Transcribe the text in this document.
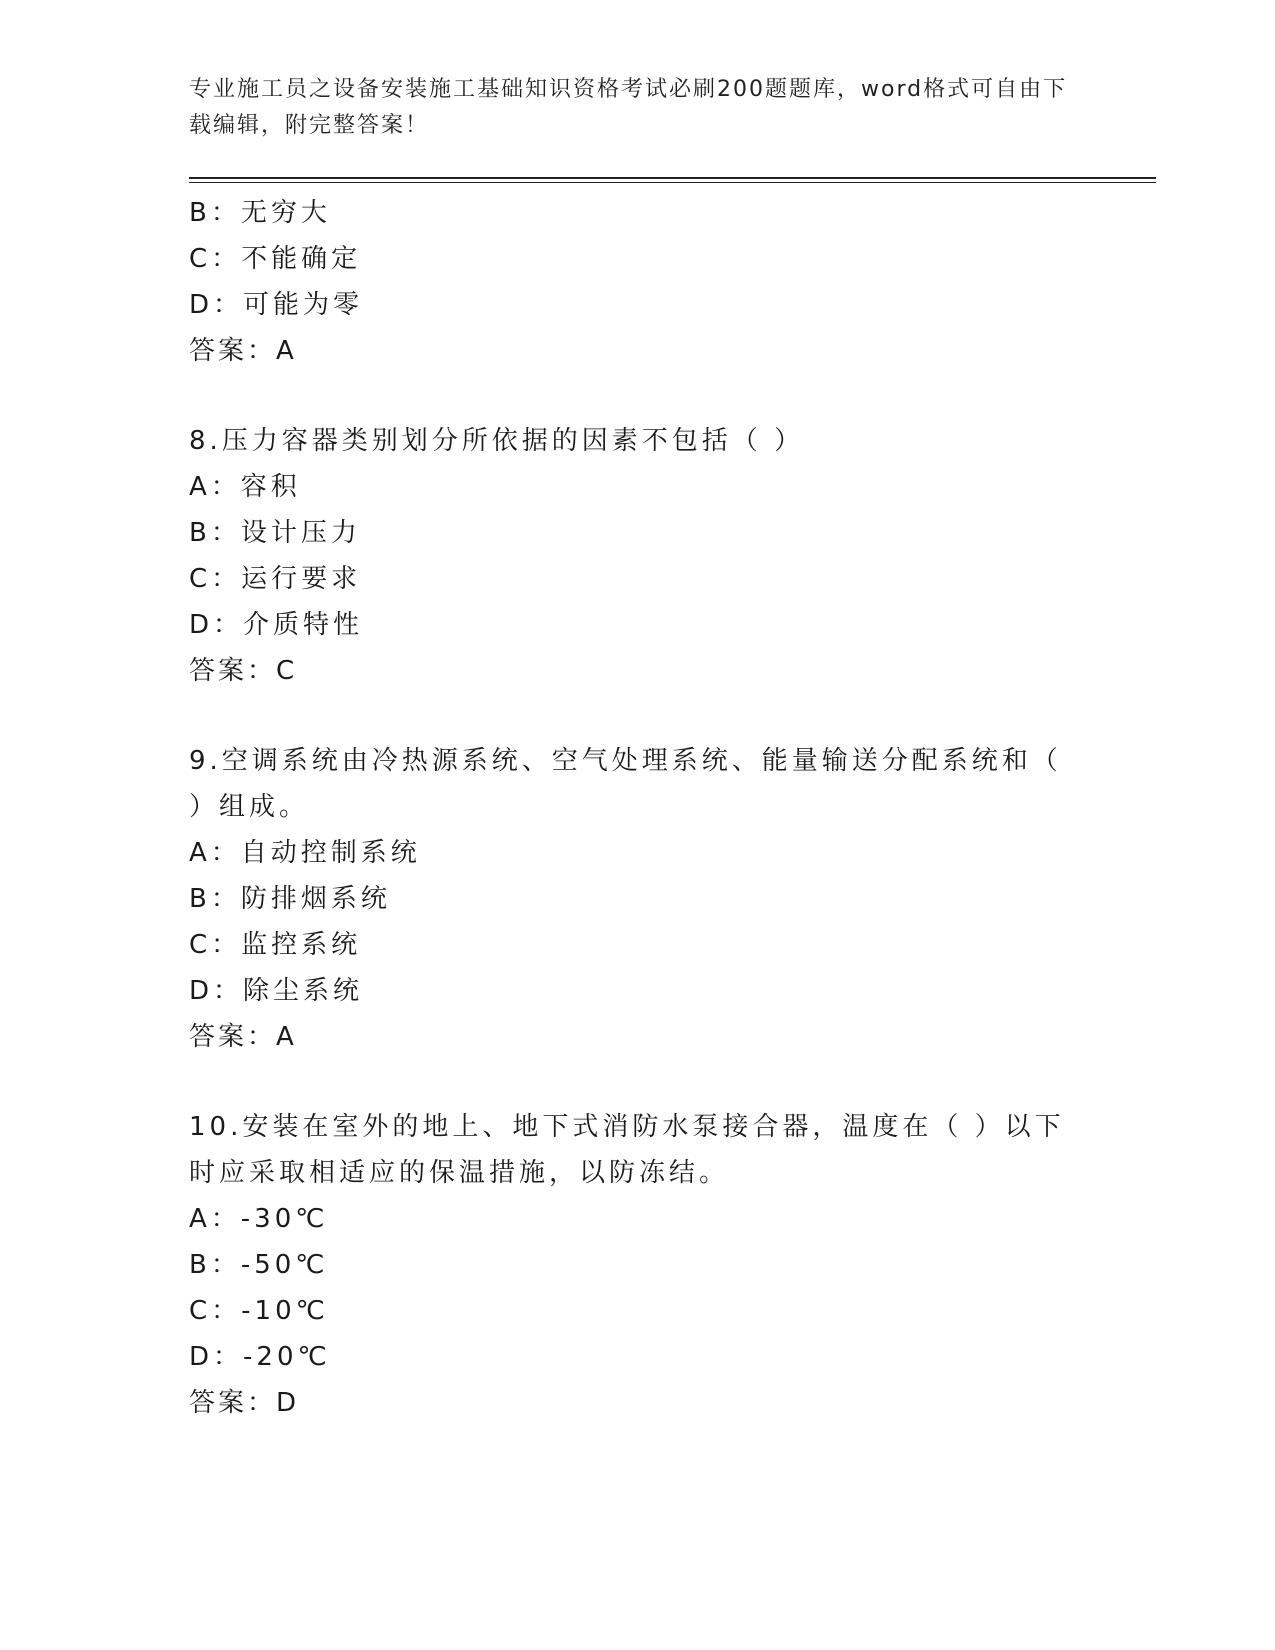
专业施工员之设备安装施工基础知识资格考试必刷200题题库，word格式可自由下载编辑，附完整答案！
B：无穷大
C：不能确定
D：可能为零
答案：A
8.压力容器类别划分所依据的因素不包括（ ）
A：容积
B：设计压力
C：运行要求
D：介质特性
答案：C
9.空调系统由冷热源系统、空气处理系统、能量输送分配系统和（ ）组成。
A：自动控制系统
B：防排烟系统
C：监控系统
D：除尘系统
答案：A
10.安装在室外的地上、地下式消防水泵接合器，温度在（ ）以下时应采取相适应的保温措施，以防冻结。
A：-30℃
B：-50℃
C：-10℃
D：-20℃
答案：D
